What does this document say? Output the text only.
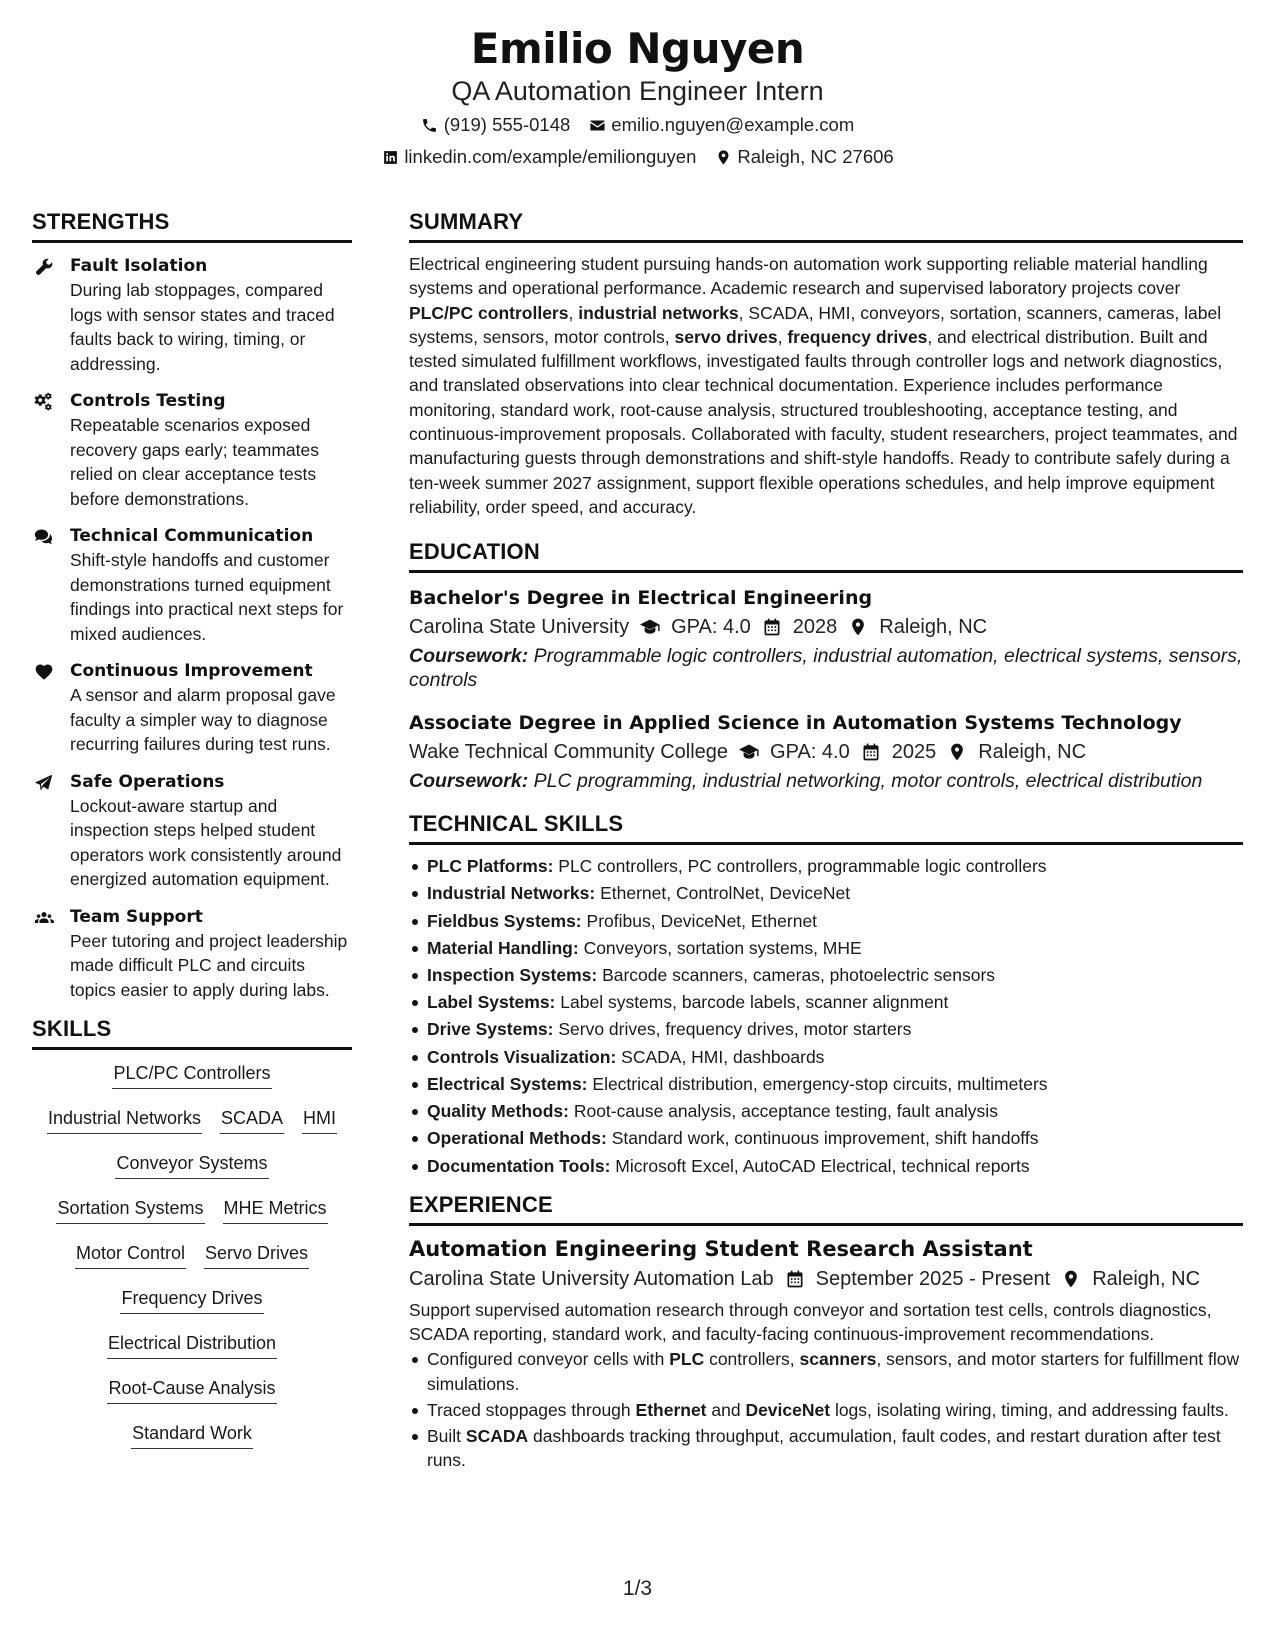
Emilio Nguyen
QA Automation Engineer Intern
(919) 555-0148 emilio.nguyen@example.com
linkedin.com/example/emilionguyen Raleigh, NC 27606
STRENGTHS
Fault Isolation
During lab stoppages, compared logs with sensor states and traced faults back to wiring, timing, or addressing.
Controls Testing
Repeatable scenarios exposed recovery gaps early; teammates relied on clear acceptance tests before demonstrations.
Technical Communication
Shift-style handoffs and customer demonstrations turned equipment findings into practical next steps for mixed audiences.
Continuous Improvement
A sensor and alarm proposal gave faculty a simpler way to diagnose recurring failures during test runs.
Safe Operations
Lockout-aware startup and inspection steps helped student operators work consistently around energized automation equipment.
Team Support
Peer tutoring and project leadership made difficult PLC and circuits topics easier to apply during labs.
SKILLS
PLC/PC Controllers
Industrial Networks SCADA HMI
Conveyor Systems
Sortation Systems MHE Metrics
Motor Control Servo Drives
Frequency Drives
Electrical Distribution
Root-Cause Analysis
Standard Work
SUMMARY
Electrical engineering student pursuing hands-on automation work supporting reliable material handling systems and operational performance. Academic research and supervised laboratory projects cover PLC/PC controllers, industrial networks, SCADA, HMI, conveyors, sortation, scanners, cameras, label systems, sensors, motor controls, servo drives, frequency drives, and electrical distribution. Built and tested simulated fulfillment workflows, investigated faults through controller logs and network diagnostics, and translated observations into clear technical documentation. Experience includes performance monitoring, standard work, root-cause analysis, structured troubleshooting, acceptance testing, and continuous-improvement proposals. Collaborated with faculty, student researchers, project teammates, and manufacturing guests through demonstrations and shift-style handoffs. Ready to contribute safely during a ten-week summer 2027 assignment, support flexible operations schedules, and help improve equipment reliability, order speed, and accuracy.
EDUCATION
Bachelor's Degree in Electrical Engineering
Carolina State University GPA: 4.0 2028 Raleigh, NC
Coursework: Programmable logic controllers, industrial automation, electrical systems, sensors, controls
Associate Degree in Applied Science in Automation Systems Technology
Wake Technical Community College GPA: 4.0 2025 Raleigh, NC
Coursework: PLC programming, industrial networking, motor controls, electrical distribution
TECHNICAL SKILLS
PLC Platforms: PLC controllers, PC controllers, programmable logic controllers
Industrial Networks: Ethernet, ControlNet, DeviceNet
Fieldbus Systems: Profibus, DeviceNet, Ethernet
Material Handling: Conveyors, sortation systems, MHE
Inspection Systems: Barcode scanners, cameras, photoelectric sensors
Label Systems: Label systems, barcode labels, scanner alignment
Drive Systems: Servo drives, frequency drives, motor starters
Controls Visualization: SCADA, HMI, dashboards
Electrical Systems: Electrical distribution, emergency-stop circuits, multimeters
Quality Methods: Root-cause analysis, acceptance testing, fault analysis
Operational Methods: Standard work, continuous improvement, shift handoffs
Documentation Tools: Microsoft Excel, AutoCAD Electrical, technical reports
EXPERIENCE
Automation Engineering Student Research Assistant
Carolina State University Automation Lab September 2025 - Present Raleigh, NC
Support supervised automation research through conveyor and sortation test cells, controls diagnostics, SCADA reporting, standard work, and faculty-facing continuous-improvement recommendations.
Configured conveyor cells with PLC controllers, scanners, sensors, and motor starters for fulfillment flow simulations.
Traced stoppages through Ethernet and DeviceNet logs, isolating wiring, timing, and addressing faults.
Built SCADA dashboards tracking throughput, accumulation, fault codes, and restart duration after test runs.
1/3
